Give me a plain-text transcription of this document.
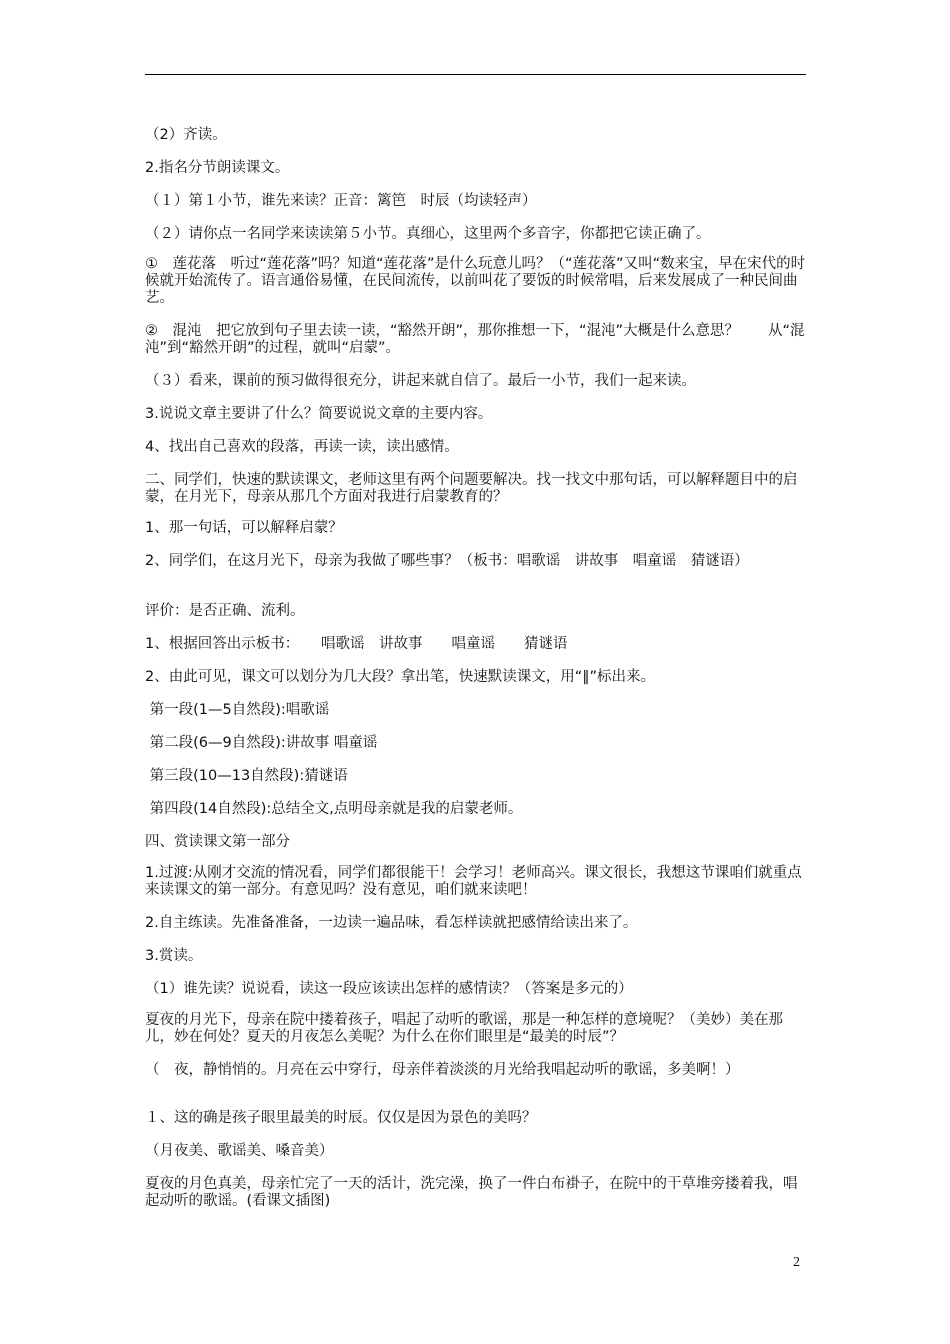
（2）齐读。
2.指名分节朗读课文。
（１）第１小节，谁先来读？正音：篱笆　时辰（均读轻声）
（２）请你点一名同学来读读第５小节。真细心，这里两个多音字，你都把它读正确了。
①　莲花落　听过“莲花落”吗？知道“莲花落”是什么玩意儿吗？（“莲花落”又叫“数来宝，早在宋代的时候就开始流传了。语言通俗易懂，在民间流传，以前叫花了要饭的时候常唱，后来发展成了一种民间曲艺。
②　混沌　把它放到句子里去读一读，“豁然开朗”，那你推想一下，“混沌”大概是什么意思？　　从“混沌”到“豁然开朗”的过程，就叫“启蒙”。
（３）看来，课前的预习做得很充分，讲起来就自信了。最后一小节，我们一起来读。
3.说说文章主要讲了什么？简要说说文章的主要内容。
4、找出自己喜欢的段落，再读一读，读出感情。
二、同学们，快速的默读课文，老师这里有两个问题要解决。找一找文中那句话，可以解释题目中的启蒙，在月光下，母亲从那几个方面对我进行启蒙教育的？
1、那一句话，可以解释启蒙？
2、同学们，在这月光下，母亲为我做了哪些事？（板书：唱歌谣　讲故事　唱童谣　猜谜语）
评价：是否正确、流利。
1、根据回答出示板书：　　唱歌谣　讲故事　　唱童谣　　猜谜语
2、由此可见，课文可以划分为几大段？拿出笔，快速默读课文，用“‖”标出来。
第一段(1—5自然段):唱歌谣
第二段(6—9自然段):讲故事 唱童谣
第三段(10—13自然段):猜谜语
第四段(14自然段):总结全文,点明母亲就是我的启蒙老师。
四、赏读课文第一部分
1.过渡:从刚才交流的情况看，同学们都很能干！会学习！老师高兴。课文很长，我想这节课咱们就重点来读课文的第一部分。有意见吗？没有意见，咱们就来读吧！
2.自主练读。先准备准备，一边读一遍品味，看怎样读就把感情给读出来了。
3.赏读。
（1）谁先读？说说看，读这一段应该读出怎样的感情读？（答案是多元的）
夏夜的月光下，母亲在院中搂着孩子，唱起了动听的歌谣，那是一种怎样的意境呢？（美妙）美在那儿，妙在何处？夏天的月夜怎么美呢？为什么在你们眼里是“最美的时辰”？
（　夜，静悄悄的。月亮在云中穿行，母亲伴着淡淡的月光给我唱起动听的歌谣，多美啊！）
１、这的确是孩子眼里最美的时辰。仅仅是因为景色的美吗？
（月夜美、歌谣美、嗓音美）
夏夜的月色真美，母亲忙完了一天的活计，洗完澡，换了一件白布褂子，在院中的干草堆旁搂着我，唱起动听的歌谣。(看课文插图)
2
